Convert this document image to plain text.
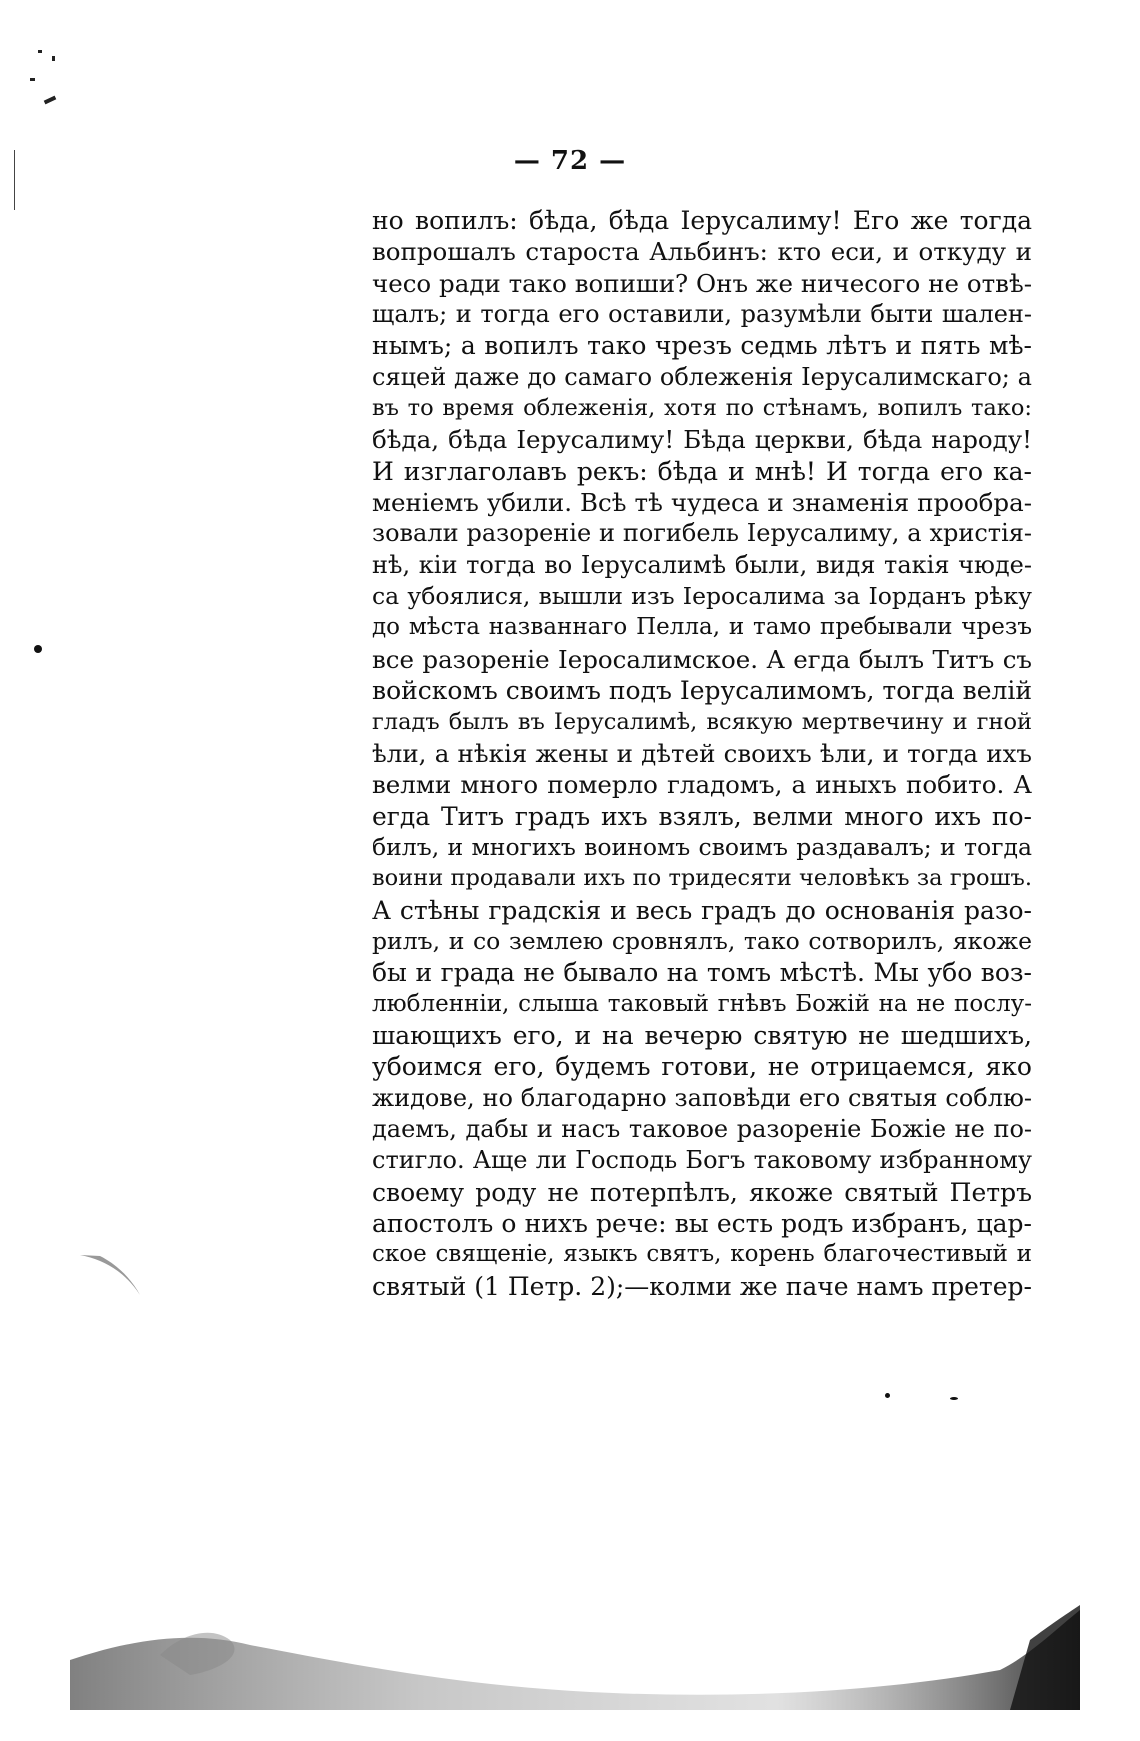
— 72 —
но вопилъ: бѣда, бѣда Іерусалиму! Его же тогда
вопрошалъ староста Альбинъ: кто еси, и откуду и
чесо ради тако вопиши? Онъ же ничесого не отвѣ-
щалъ; и тогда его оставили, разумѣли быти шален-
нымъ; а вопилъ тако чрезъ седмь лѣтъ и пять мѣ-
сяцей даже до самаго облеженія Іерусалимскаго; а
въ то время облеженія, хотя по стѣнамъ, вопилъ тако:
бѣда, бѣда Іерусалиму! Бѣда церкви, бѣда народу!
И изглаголавъ рекъ: бѣда и мнѣ! И тогда его ка-
меніемъ убили. Всѣ тѣ чудеса и знаменія прообра-
зовали разореніе и погибель Іерусалиму, а христія-
нѣ, кіи тогда во Іерусалимѣ были, видя такія чюде-
са убоялися, вышли изъ Іеросалима за Іорданъ рѣку
до мѣста названнаго Пелла, и тамо пребывали чрезъ
все разореніе Іеросалимское. А егда былъ Титъ съ
войскомъ своимъ подъ Іерусалимомъ, тогда велій
гладъ былъ въ Іерусалимѣ, всякую мертвечину и гной
ѣли, а нѣкія жены и дѣтей своихъ ѣли, и тогда ихъ
велми много померло гладомъ, а иныхъ побито. А
егда Титъ градъ ихъ взялъ, велми много ихъ по-
билъ, и многихъ воиномъ своимъ раздавалъ; и тогда
воини продавали ихъ по тридесяти человѣкъ за грошъ.
А стѣны градскія и весь градъ до основанія разо-
рилъ, и со землею сровнялъ, тако сотворилъ, якоже
бы и града не бывало на томъ мѣстѣ. Мы убо воз-
любленніи, слыша таковый гнѣвъ Божій на не послу-
шающихъ его, и на вечерю святую не шедшихъ,
убоимся его, будемъ готови, не отрицаемся, яко
жидове, но благодарно заповѣди его святыя соблю-
даемъ, дабы и насъ таковое разореніе Божіе не по-
стигло. Аще ли Господь Богъ таковому избранному
своему роду не потерпѣлъ, якоже святый Петръ
апостолъ о нихъ рече: вы есть родъ избранъ, цар-
ское священіе, языкъ святъ, корень благочестивый и
святый (1 Петр. 2);—колми же паче намъ претер-
